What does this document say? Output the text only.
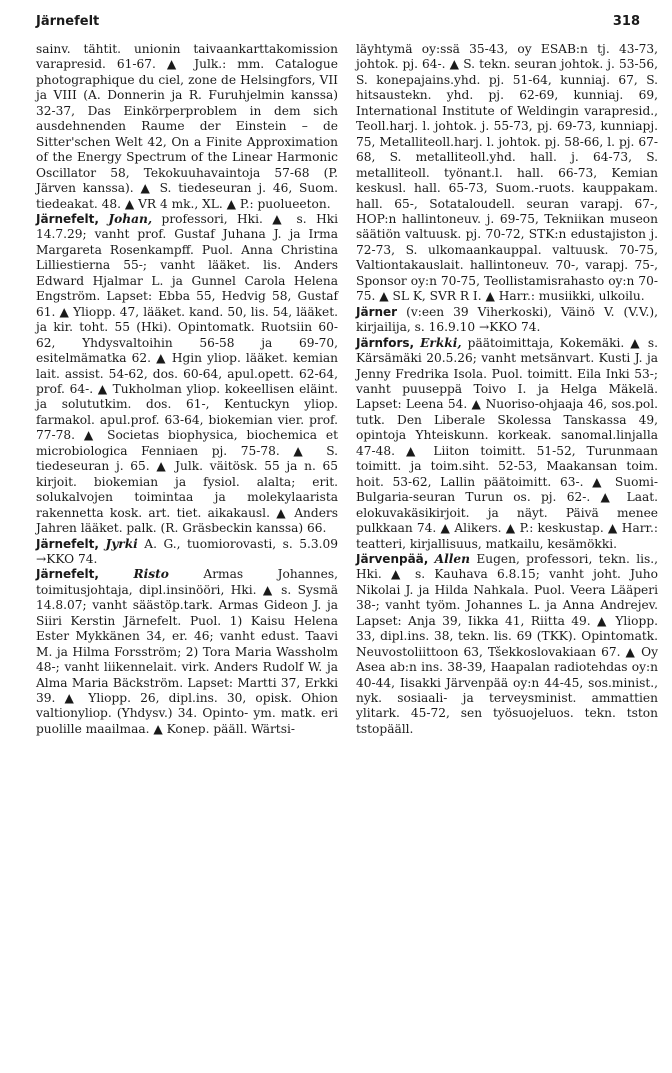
Järnefelt	318

sainv. tähtit. unionin taivaankarttakomission varapresid. 61-67. ▲ Julk.: mm. Catalogue photographique du ciel, zone de Helsingfors, VII ja VIII (A. Donnerin ja R. Furuhjelmin kanssa) 32-37, Das Einkörperproblem in dem sich ausdehnenden Raume der Einstein – de Sitter'schen Welt 42, On a Finite Approximation of the Energy Spectrum of the Linear Harmonic Oscillator 58, Tekokuuhavaintoja 57-68 (P. Järven kanssa). ▲ S. tiedeseuran j. 46, Suom. tiedeakat. 48. ▲ VR 4 mk., XL. ▲ P.: puolueeton.

Järnefelt, Johan, professori, Hki. ▲ s. Hki 14.7.29; vanht prof. Gustaf Juhana J. ja Irma Margareta Rosenkampff. Puol. Anna Christina Lilliestierna 55-; vanht lääket. lis. Anders Edward Hjalmar L. ja Gunnel Carola Helena Engström. Lapset: Ebba 55, Hedvig 58, Gustaf 61. ▲ Yliopp. 47, lääket. kand. 50, lis. 54, lääket. ja kir. toht. 55 (Hki). Opintomatk. Ruotsiin 60-62, Yhdysvaltoihin 56-58 ja 69-70, esitelmämatka 62. ▲ Hgin yliop. lääket. kemian lait. assist. 54-62, dos. 60-64, apul.opett. 62-64, prof. 64-. ▲ Tukholman yliop. kokeellisen eläint. ja solututkim. dos. 61-, Kentuckyn yliop. farmakol. apul.prof. 63-64, biokemian vier. prof. 77-78. ▲ Societas biophysica, biochemica et microbiologica Fenniaen pj. 75-78. ▲ S. tiedeseuran j. 65. ▲ Julk. väitösk. 55 ja n. 65 kirjoit. biokemian ja fysiol. alalta; erit. solukalvojen toimintaa ja molekylaarista rakennetta kosk. art. tiet. aikakausl. ▲ Anders Jahren lääket. palk. (R. Gräsbeckin kanssa) 66.

Järnefelt, Jyrki A. G., tuomiorovasti, s. 5.3.09 →KKO 74.

Järnefelt,	Risto	Armas Johannes, toimitusjohtaja, dipl.insinööri, Hki. ▲ s. Sysmä 14.8.07; vanht säästöp.tark. Armas Gideon J. ja Siiri Kerstin Järnefelt. Puol. 1) Kaisu Helena Ester Mykkänen 34, er. 46; vanht edust. Taavi M. ja Hilma Forsström; 2) Tora Maria Wassholm 48-; vanht liikennelait. virk. Anders Rudolf W. ja Alma Maria Bäckström. Lapset: Martti 37, Erkki 39. ▲ Yliopp. 26, dipl.ins. 30, opisk. Ohion valtionyliop. (Yhdysv.) 34. Opinto- ym. matk. eri puolille maailmaa. ▲ Konep. pääll. Wärtsi-

läyhtymä oy:ssä 35-43, oy ESAB:n tj. 43-73, johtok. pj. 64-. ▲ S. tekn. seuran johtok. j. 53-56, S. konepajains.yhd. pj. 51-64, kunniaj. 67, S. hitsaustekn. yhd. pj. 62-69, kunniaj. 69, International Institute of Weldingin varapresid., Teoll.harj. l. johtok. j. 55-73, pj. 69-73, kunniapj. 75, Metalliteoll.harj. l. johtok. pj. 58-66, l. pj. 67-68, S. metalliteoll.yhd. hall. j. 64-73, S. metalliteoll. työnant.l. hall. 66-73, Kemian keskusl. hall. 65-73, Suom.-ruots. kauppakam. hall. 65-, Sotataloudell. seuran varapj. 67-, HOP:n hallintoneuv. j. 69-75, Tekniikan museon säätiön valtuusk. pj. 70-72, STK:n edustajiston j. 72-73, S. ulkomaankauppal. valtuusk. 70-75, Valtiontakauslait. hallintoneuv. 70-, varapj. 75-, Sponsor oy:n 70-75, Teollistamisrahasto oy:n 70-75. ▲ SL K, SVR R I. ▲ Harr.: musiikki, ulkoilu.

Järner (v:een 39 Viherkoski), Väinö V. (V.V.), kirjailija, s. 16.9.10 →KKO 74.

Järnfors, Erkki, päätoimittaja, Kokemäki. ▲ s. Kärsämäki 20.5.26; vanht metsänvart. Kusti J. ja Jenny Fredrika Isola. Puol. toimitt. Eila Inki 53-; vanht puuseppä Toivo I. ja Helga Mäkelä. Lapset: Leena 54. ▲ Nuoriso-ohjaaja 46, sos.pol. tutk. Den Liberale Skolessa Tanskassa 49, opintoja Yhteiskunn. korkeak. sanomal.linjalla 47-48. ▲ Liiton toimitt. 51-52, Turunmaan toimitt. ja toim.siht. 52-53, Maakansan toim. hoit. 53-62, Lallin päätoimitt. 63-. ▲ Suomi-Bulgaria-seuran Turun os. pj. 62-. ▲ Laat. elokuvakäsikirjoit. ja näyt. Päivä menee pulkkaan 74. ▲ Alikers. ▲ P.: keskustap. ▲ Harr.: teatteri, kirjallisuus, matkailu, kesämökki.

Järvenpää, Allen Eugen, professori, tekn. lis., Hki. ▲ s. Kauhava 6.8.15; vanht joht. Juho Nikolai J. ja Hilda Nahkala. Puol. Veera Lääperi 38-; vanht työm. Johannes L. ja Anna Andrejev. Lapset: Anja 39, Iikka 41, Riitta 49. ▲ Yliopp. 33, dipl.ins. 38, tekn. lis. 69 (TKK). Opintomatk. Neuvostoliittoon 63, Tšekkoslovakiaan 67. ▲ Oy Asea ab:n ins. 38-39, Haapalan radiotehdas oy:n 40-44, Iisakki Järvenpää oy:n 44-45, sos.minist., nyk. sosiaali- ja terveysminist. ammattien ylitark. 45-72, sen työsuojeluos. tekn. tston tstopääll.
